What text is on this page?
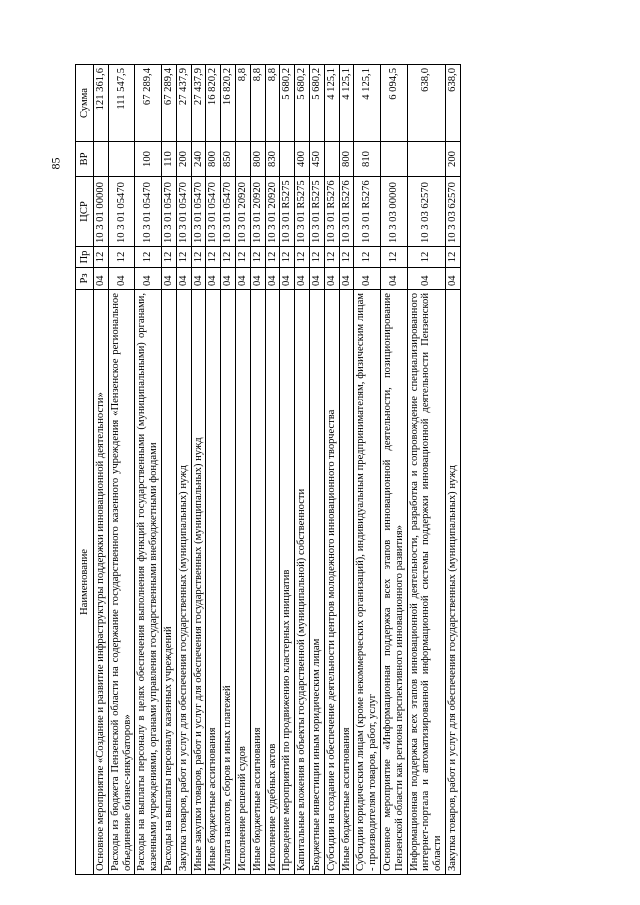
85
Наименование	Рз	Пр	ЦСР	ВР	Сумма
Основное мероприятие «Создание и развитие инфраструктуры поддержки инновационной деятельности»	04	12	10 3 01 00000		121 361,6
Расходы из бюджета Пензенской области на содержание государственного казенного учреждения «Пензенское региональное объединение бизнес-инкубаторов»	04	12	10 3 01 05470		111 547,5
Расходы на выплаты персоналу в целях обеспечения выполнения функций государственными (муниципальными) органами, казенными учреждениями, органами управления государственными внебюджетными фондами	04	12	10 3 01 05470	100	67 289,4
Расходы на выплаты персоналу казенных учреждений	04	12	10 3 01 05470	110	67 289,4
Закупка товаров, работ и услуг для обеспечения государственных (муниципальных) нужд	04	12	10 3 01 05470	200	27 437,9
Иные закупки товаров, работ и услуг для обеспечения государственных (муниципальных) нужд	04	12	10 3 01 05470	240	27 437,9
Иные бюджетные ассигнования	04	12	10 3 01 05470	800	16 820,2
Уплата налогов, сборов и иных платежей	04	12	10 3 01 05470	850	16 820,2
Исполнение решений судов	04	12	10 3 01 20920		8,8
Иные бюджетные ассигнования	04	12	10 3 01 20920	800	8,8
Исполнение судебных актов	04	12	10 3 01 20920	830	8,8
Проведение мероприятий по продвижению кластерных инициатив	04	12	10 3 01 R5275		5 680,2
Капитальные вложения в объекты государственной (муниципальной) собственности	04	12	10 3 01 R5275	400	5 680,2
Бюджетные инвестиции иным юридическим лицам	04	12	10 3 01 R5275	450	5 680,2
Субсидии на создание и обеспечение деятельности центров молодежного инновационного творчества	04	12	10 3 01 R5276		4 125,1
Иные бюджетные ассигнования	04	12	10 3 01 R5276	800	4 125,1
Субсидии юридическим лицам (кроме некоммерческих организаций), индивидуальным предпринимателям, физическим лицам - производителям товаров, работ, услуг	04	12	10 3 01 R5276	810	4 125,1
Основное мероприятие «Информационная поддержка всех этапов инновационной деятельности, позиционирование Пензенской области как региона перспективного инновационного развития»	04	12	10 3 03 00000		6 094,5
Информационная поддержка всех этапов инновационной деятельности, разработка и сопровождение специализированного интернет-портала и автоматизированной информационной системы поддержки инновационной деятельности Пензенской области	04	12	10 3 03 62570		638,0
Закупка товаров, работ и услуг для обеспечения государственных (муниципальных) нужд	04	12	10 3 03 62570	200	638,0
